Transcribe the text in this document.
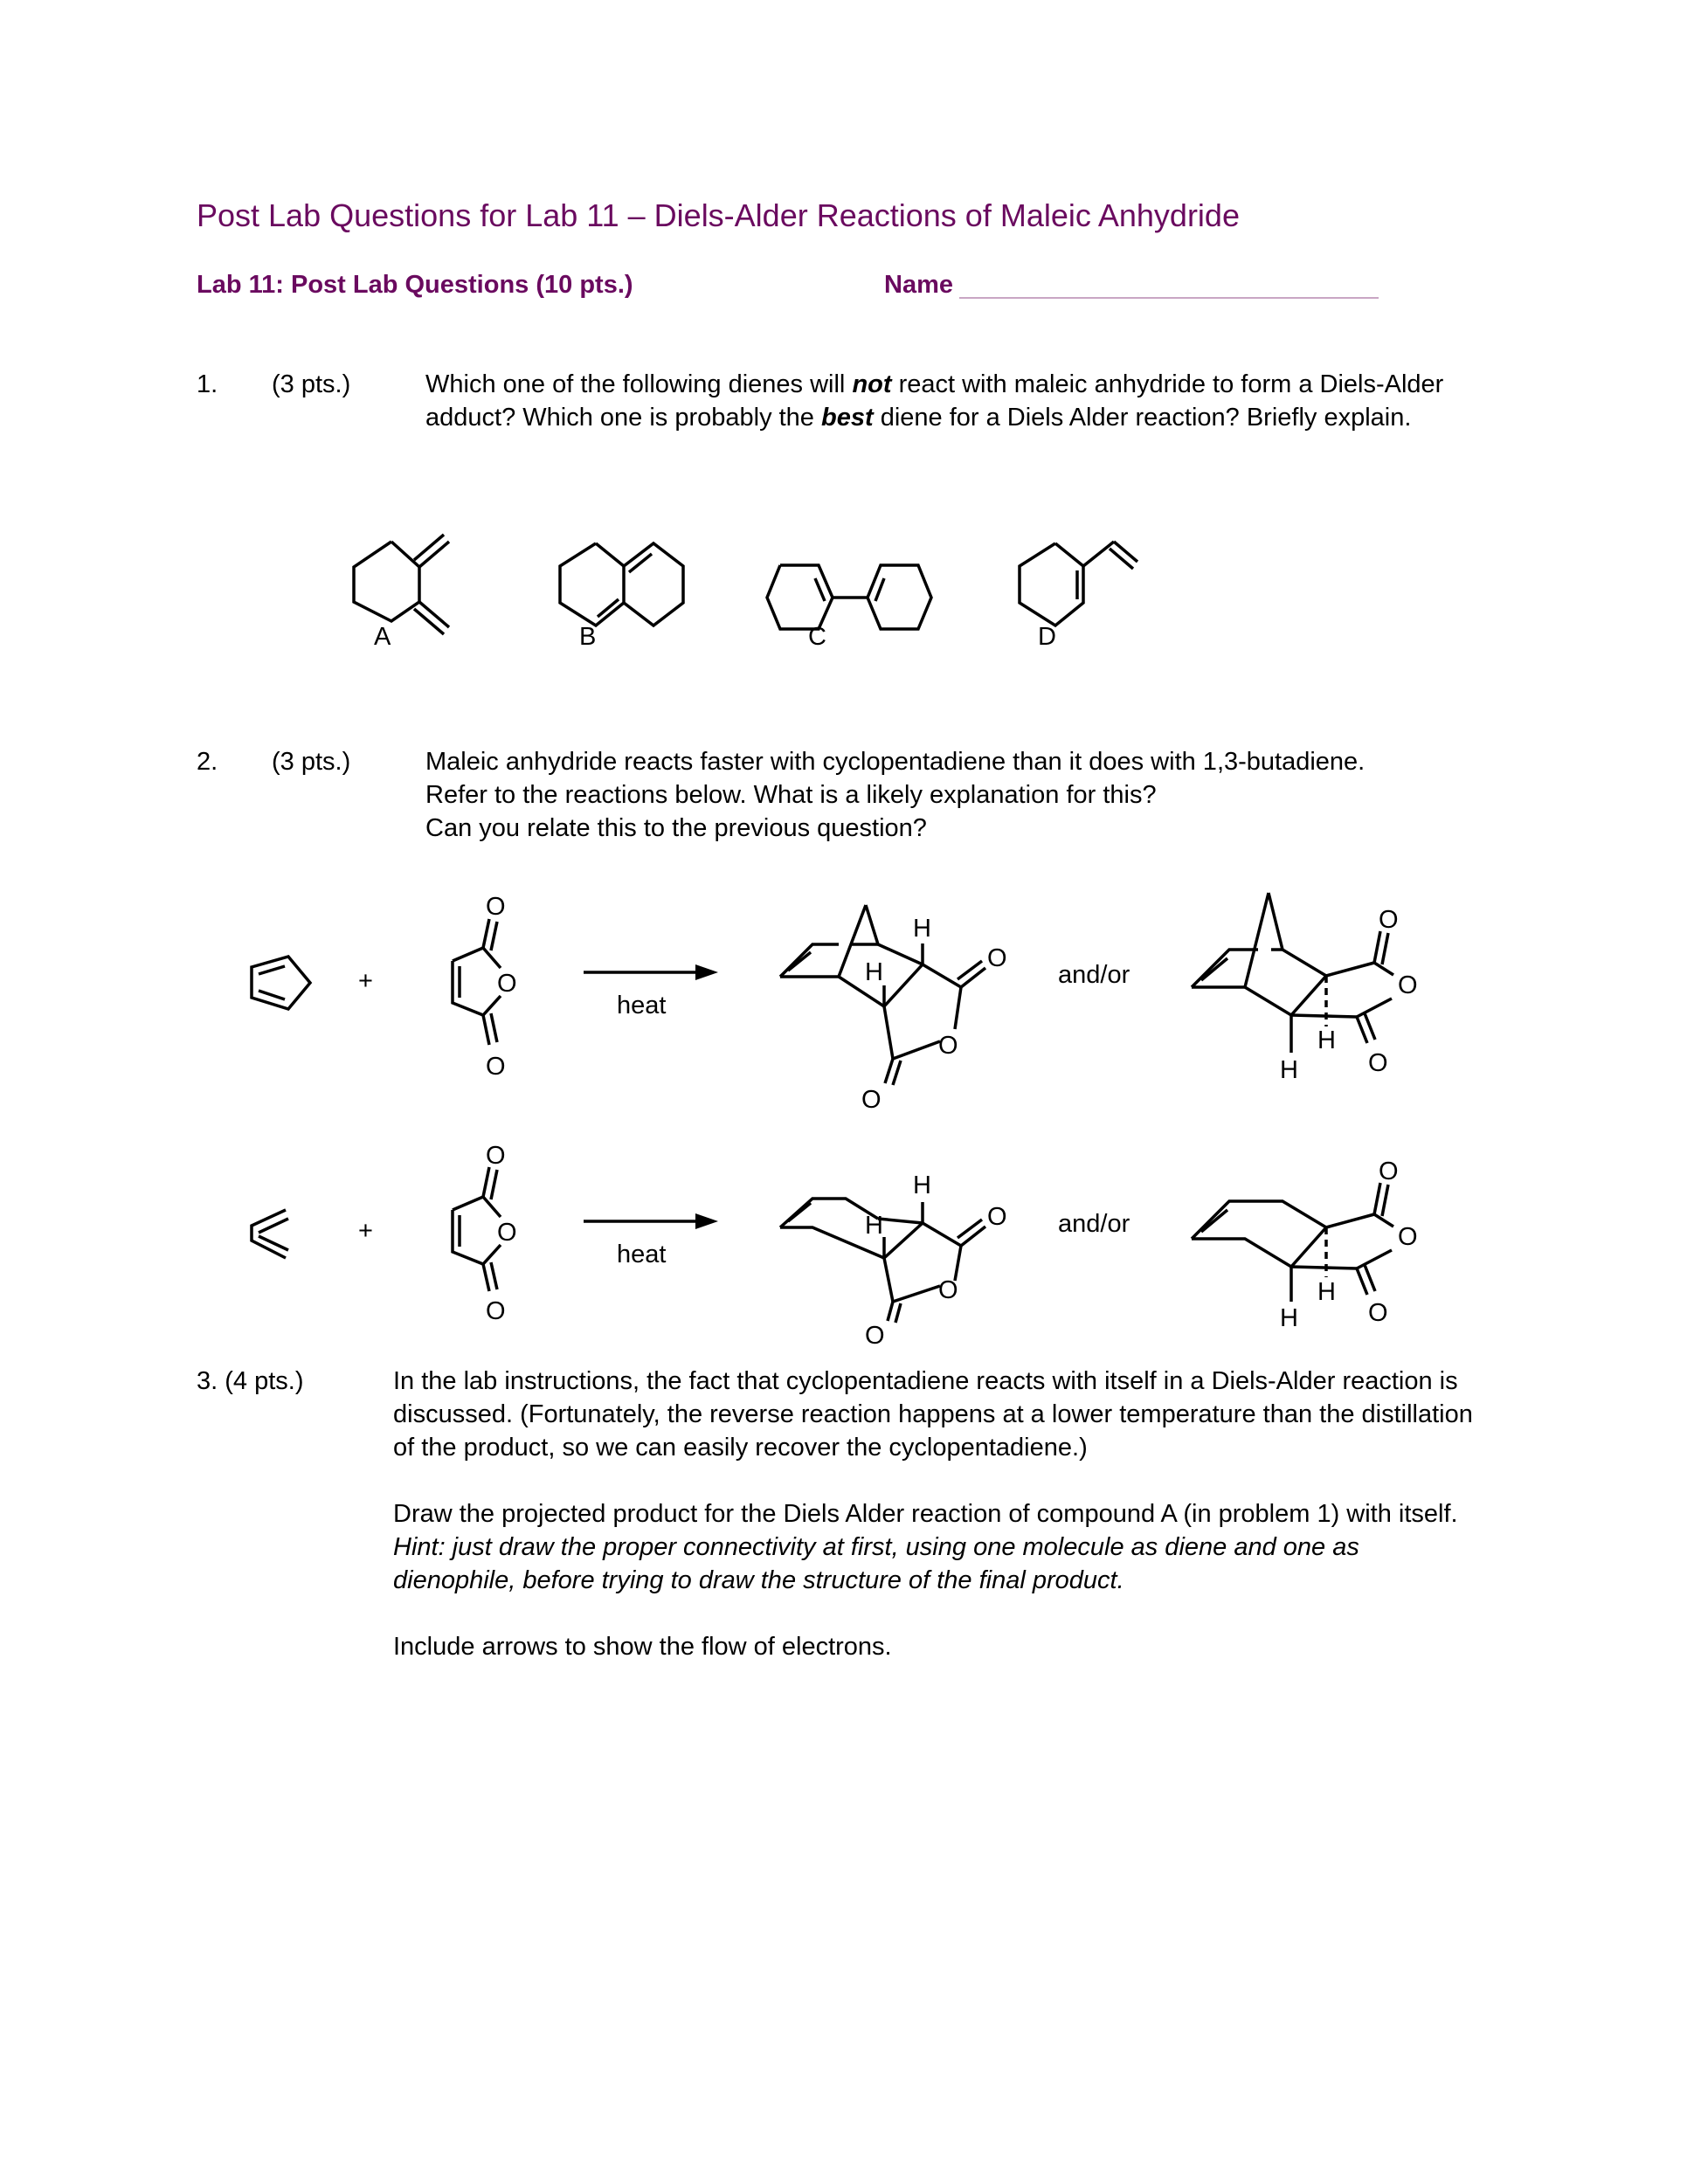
Post Lab Questions for Lab 11 – Diels-Alder Reactions of Maleic Anhydride
Lab 11: Post Lab Questions (10 pts.)	Name
1. (3 pts.)	Which one of the following dienes will not react with maleic anhydride to form a Diels-Alder adduct? Which one is probably the best diene for a Diels Alder reaction? Briefly explain.

A	B	C	D
+
O
O
O
heat
H
H	O
O
O
and/or
O
O
O
H
H
+
O
O
O
heat
H
H	O
O
O
and/or
O
O
O
H
H
2. (3 pts.)	Maleic anhydride reacts faster with cyclopentadiene than it does with 1,3-butadiene.

Refer to the reactions below. What is a likely explanation for this?

Can you relate this to the previous question?

3. (4 pts.)	In the lab instructions, the fact that cyclopentadiene reacts with itself in a Diels-Alder reaction is discussed. (Fortunately, the reverse reaction happens at a lower temperature than the distillation of the product, so we can easily recover the cyclopentadiene.)

Draw the projected product for the Diels Alder reaction of compound A (in problem 1) with itself. Hint: just draw the proper connectivity at first, using one molecule as diene and one as dienophile, before trying to draw the structure of the final product.

Include arrows to show the flow of electrons.
